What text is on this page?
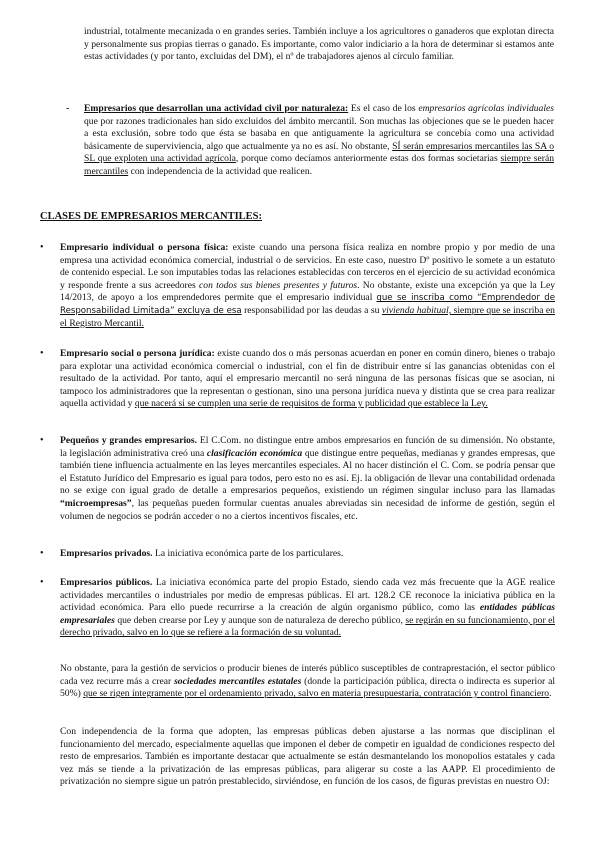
industrial, totalmente mecanizada o en grandes series. También incluye a los agricultores o ganaderos que explotan directa y personalmente sus propias tierras o ganado. Es importante, como valor indiciario a la hora de determinar si estamos ante estas actividades (y por tanto, excluidas del DM), el nº de trabajadores ajenos al círculo familiar.

- Empresarios que desarrollan una actividad civil por naturaleza: Es el caso de los empresarios agrícolas individuales que por razones tradicionales han sido excluidos del ámbito mercantil. Son muchas las objeciones que se le pueden hacer a esta exclusión, sobre todo que ésta se basaba en que antiguamente la agricultura se concebía como una actividad básicamente de superviviencia, algo que actualmente ya no es así. No obstante, SÍ serán empresarios mercantiles las SA o SL que exploten una actividad agrícola, porque como decíamos anteriormente estas dos formas societarias siempre serán mercantiles con independencia de la actividad que realicen.

CLASES DE EMPRESARIOS MERCANTILES:

• Empresario individual o persona física: existe cuando una persona física realiza en nombre propio y por medio de una empresa una actividad económica comercial, industrial o de servicios. En este caso, nuestro Dº positivo le somete a un estatuto de contenido especial. Le son imputables todas las relaciones establecidas con terceros en el ejercicio de su actividad económica y responde frente a sus acreedores con todos sus bienes presentes y futuros. No obstante, existe una excepción ya que la Ley 14/2013, de apoyo a los emprendedores permite que el empresario individual que se inscriba como “Emprendedor de Responsabilidad Limitada” excluya de esa responsabilidad por las deudas a su vivienda habitual, siempre que se inscriba en el Registro Mercantil.

• Empresario social o persona jurídica: existe cuando dos o más personas acuerdan en poner en común dinero, bienes o trabajo para explotar una actividad económica comercial o industrial, con el fin de distribuir entre sí las ganancias obtenidas con el resultado de la actividad. Por tanto, aquí el empresario mercantil no será ninguna de las personas físicas que se asocian, ni tampoco los administradores que la representan o gestionan, sino una persona jurídica nueva y distinta que se crea para realizar aquella actividad y que nacerá si se cumplen una serie de requisitos de forma y publicidad que establece la Ley.

• Pequeños y grandes empresarios. El C.Com. no distingue entre ambos empresarios en función de su dimensión. No obstante, la legislación administrativa creó una clasificación económica que distingue entre pequeñas, medianas y grandes empresas, que también tiene influencia actualmente en las leyes mercantiles especiales. Al no hacer distinción el C. Com. se podría pensar que el Estatuto Jurídico del Empresario es igual para todos, pero esto no es así. Ej. la obligación de llevar una contabilidad ordenada no se exige con igual grado de detalle a empresarios pequeños, existiendo un régimen singular incluso para las llamadas “microempresas”, las pequeñas pueden formular cuentas anuales abreviadas sin necesidad de informe de gestión, según el volumen de negocios se podrán acceder o no a ciertos incentivos fiscales, etc.

• Empresarios privados. La iniciativa económica parte de los particulares.

• Empresarios públicos. La iniciativa económica parte del propio Estado, siendo cada vez más frecuente que la AGE realice actividades mercantiles o industriales por medio de empresas públicas. El art. 128.2 CE reconoce la iniciativa pública en la actividad económica. Para ello puede recurrirse a la creación de algún organismo público, como las entidades públicas empresariales que deben crearse por Ley y aunque son de naturaleza de derecho público, se regirán en su funcionamiento, por el derecho privado, salvo en lo que se refiere a la formación de su voluntad.

No obstante, para la gestión de servicios o producir bienes de interés público susceptibles de contraprestación, el sector público cada vez recurre más a crear sociedades mercantiles estatales (donde la participación pública, directa o indirecta es superior al 50%) que se rigen íntegramente por el ordenamiento privado, salvo en materia presupuestaria, contratación y control financiero.

Con independencia de la forma que adopten, las empresas públicas deben ajustarse a las normas que disciplinan el funcionamiento del mercado, especialmente aquellas que imponen el deber de competir en igualdad de condiciones respecto del resto de empresarios. También es importante destacar que actualmente se están desmantelando los monopolios estatales y cada vez más se tiende a la privatización de las empresas públicas, para aligerar su coste a las AAPP. El procedimiento de privatización no siempre sigue un patrón prestablecido, sirviéndose, en función de los casos, de figuras previstas en nuestro OJ:
